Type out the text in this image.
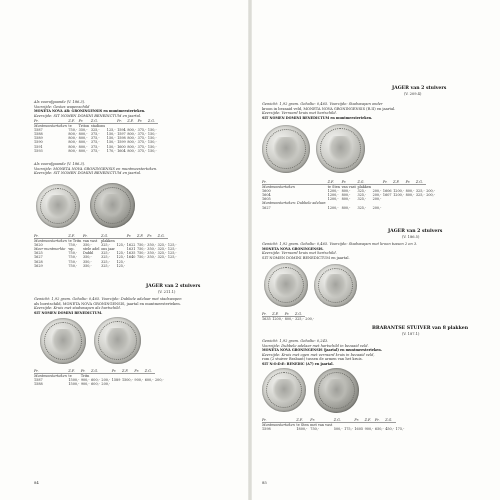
Als voorafgaande (V. 186.3).
Voorzijde: Gestes wapenschild
MONETA NOVA AR: GRONINGENSIS en muntmeesterteken.
Keerzijde: SIT NOMEN DOMINI BENEDICTUM en jaartal.
Pr.	Z.F.	Fr.	Z.G.		Pr.	Z.F.	Fr.	Z.G.
Muntmeesterteken	te	Triton	stadions					
1587	750,-	350,-	325,-	125,-	1594	800,-	375,-	150,-
1588	800,-	800,-	375,-	150,-	1597	800,-	375,-	150,-
1589	800,-	800,-	375,-	150,-	1598	800,-	375,-	150,-
1590	800,-	800,-	375,-	150,-	1599	800,-	375,-	150,-
1591	800,-	800,-	375,-	150,-	1600	800,-	375,-	150,-
1593	800,-	800,-	375,-	170,-	1604	800,-	375,-	150,-
Als voorafgaande (V. 186.3).
Voorzijde: MONETA NOVA GRONINGENSIS en muntmeesterteken.
Keerzijde: SIT NOMEN DOMINI BENEDICTUM en jaartal.
Pr.	Z.F.	Fr.	Z.G.		Pr.	Z.F.	Fr.	Z.G.	
Muntmeesterteken	te Tritn	van vast	plakken						
1620	750,-	350,-	325,-	125,-	1622	750,-	350,-	325,-	125,-
Meer muntmerkte	wp.	stele adel	ons jaar		1631	750,-	350,-	325,-	125,-
1625	750,-	Dubbl	325,-	125,-	1635	750,-	350,-	325,-	125,-
1627	750,-	350,-	325,-	125,-	1640	750,-	350,-	325,-	125,-
1628	750,-	350,-	325,-	125,-					
1629	750,-	350,-	325,-	125,-					
JAGER van 2 stuivers
(V. 211.1)
Gewicht: 1,92 gram. Gehalte: 0,465. Voorzijde: Dubbele adelaar met stadswapen
als borstschild, MONETA NOVA GRONINGENSIS, jaartal en muntmeesterteken.
Keerzijde: Kruis met stadswapen als hartschild.
SIT NOMEN DOMINI BENEDICTUM.
Pr.	Z.F.	Fr.	Z.G.		Pr.	Z.F.	Fr.	Z.G.	
Muntmeesterteken	te	Tritn							
1587	1500,-	900,-	600,-	200,-	1589	1500,-	900,-	600,-	200,-
1588	1500,-	900,-	600,-	200,-					
84
JAGER van 2 stuivers
(V. 209.4)
Gewicht: 1,92 gram. Gehalte: 0,465. Voorzijde: Stadswapen onder
kroon in bezaaid veld, MONETA NOVA GRONINGENSIS (R.II) en jaartal.
Keerzijde: Verraard kruis met hartschild.
SIT NOMEN DOMINI BENEDICTUM en muntmeesterteken.
Pr.	Z.F.	Fr.	Z.G.		Pr.	Z.F.	Fr.	Z.G.	
Muntmeesterteken	te Sten	van vast	plakken						
1600	1200,-	800,-	325,-	200,-	1606	1200,-	800,-	325,-	200,-
1604	1200,-	800,-	325,-	200,-	1607	1200,-	800,-	325,-	200,-
1605	1200,-	800,-	325,-	200,-					
Muntmeesterteken: Dubbele adelaar.									
1627	1200,-	800,-	325,-	200,-					
JAGER van 2 stuivers
(V. 186.5)
Gewicht: 1,92 gram. Gehalte: 0,465. Voorzijde: Stadswapen met kroon tussen 2 en 3.
MONETA NOVA GRONINGENSIS.
Keerzijde: Verraard kruis met hartschild.
SIT NOMEN DOMINI BENEDICTUM en jaartal.
Pr.	Z.F.	Fr.	Z.G.	
1635	1200,-	800,-	325,-	200,-
BRABANTSE STUIVER van 8 plakken
(V. 187.1)
Gewicht: 1,92 gram. Gehalte: 0,243.
Voorzijde: Dubbele adelaar met hartschild in bezaaid veld.
MONETA NOVA GRONINGENSIS (jaartal) en muntmeesterteken.
Keerzijde: Kruis met ogen met verraard kruis in bezaaid veld,
rom (2 stuiver Brabant) tussen de armen van het kruis.
SIT N:O:D:E: BENEDIC (A7) en jaartal.
Pr.	Z.F.	Fr.	Z.G.		Pr.	Z.F.	Fr.	Z.G.	
Muntmeesterteken	te Sten	met van vast							
1598	1800,-	750,-	500,-	175,-	1605	900,-	650,-	450,-	175,-
85
